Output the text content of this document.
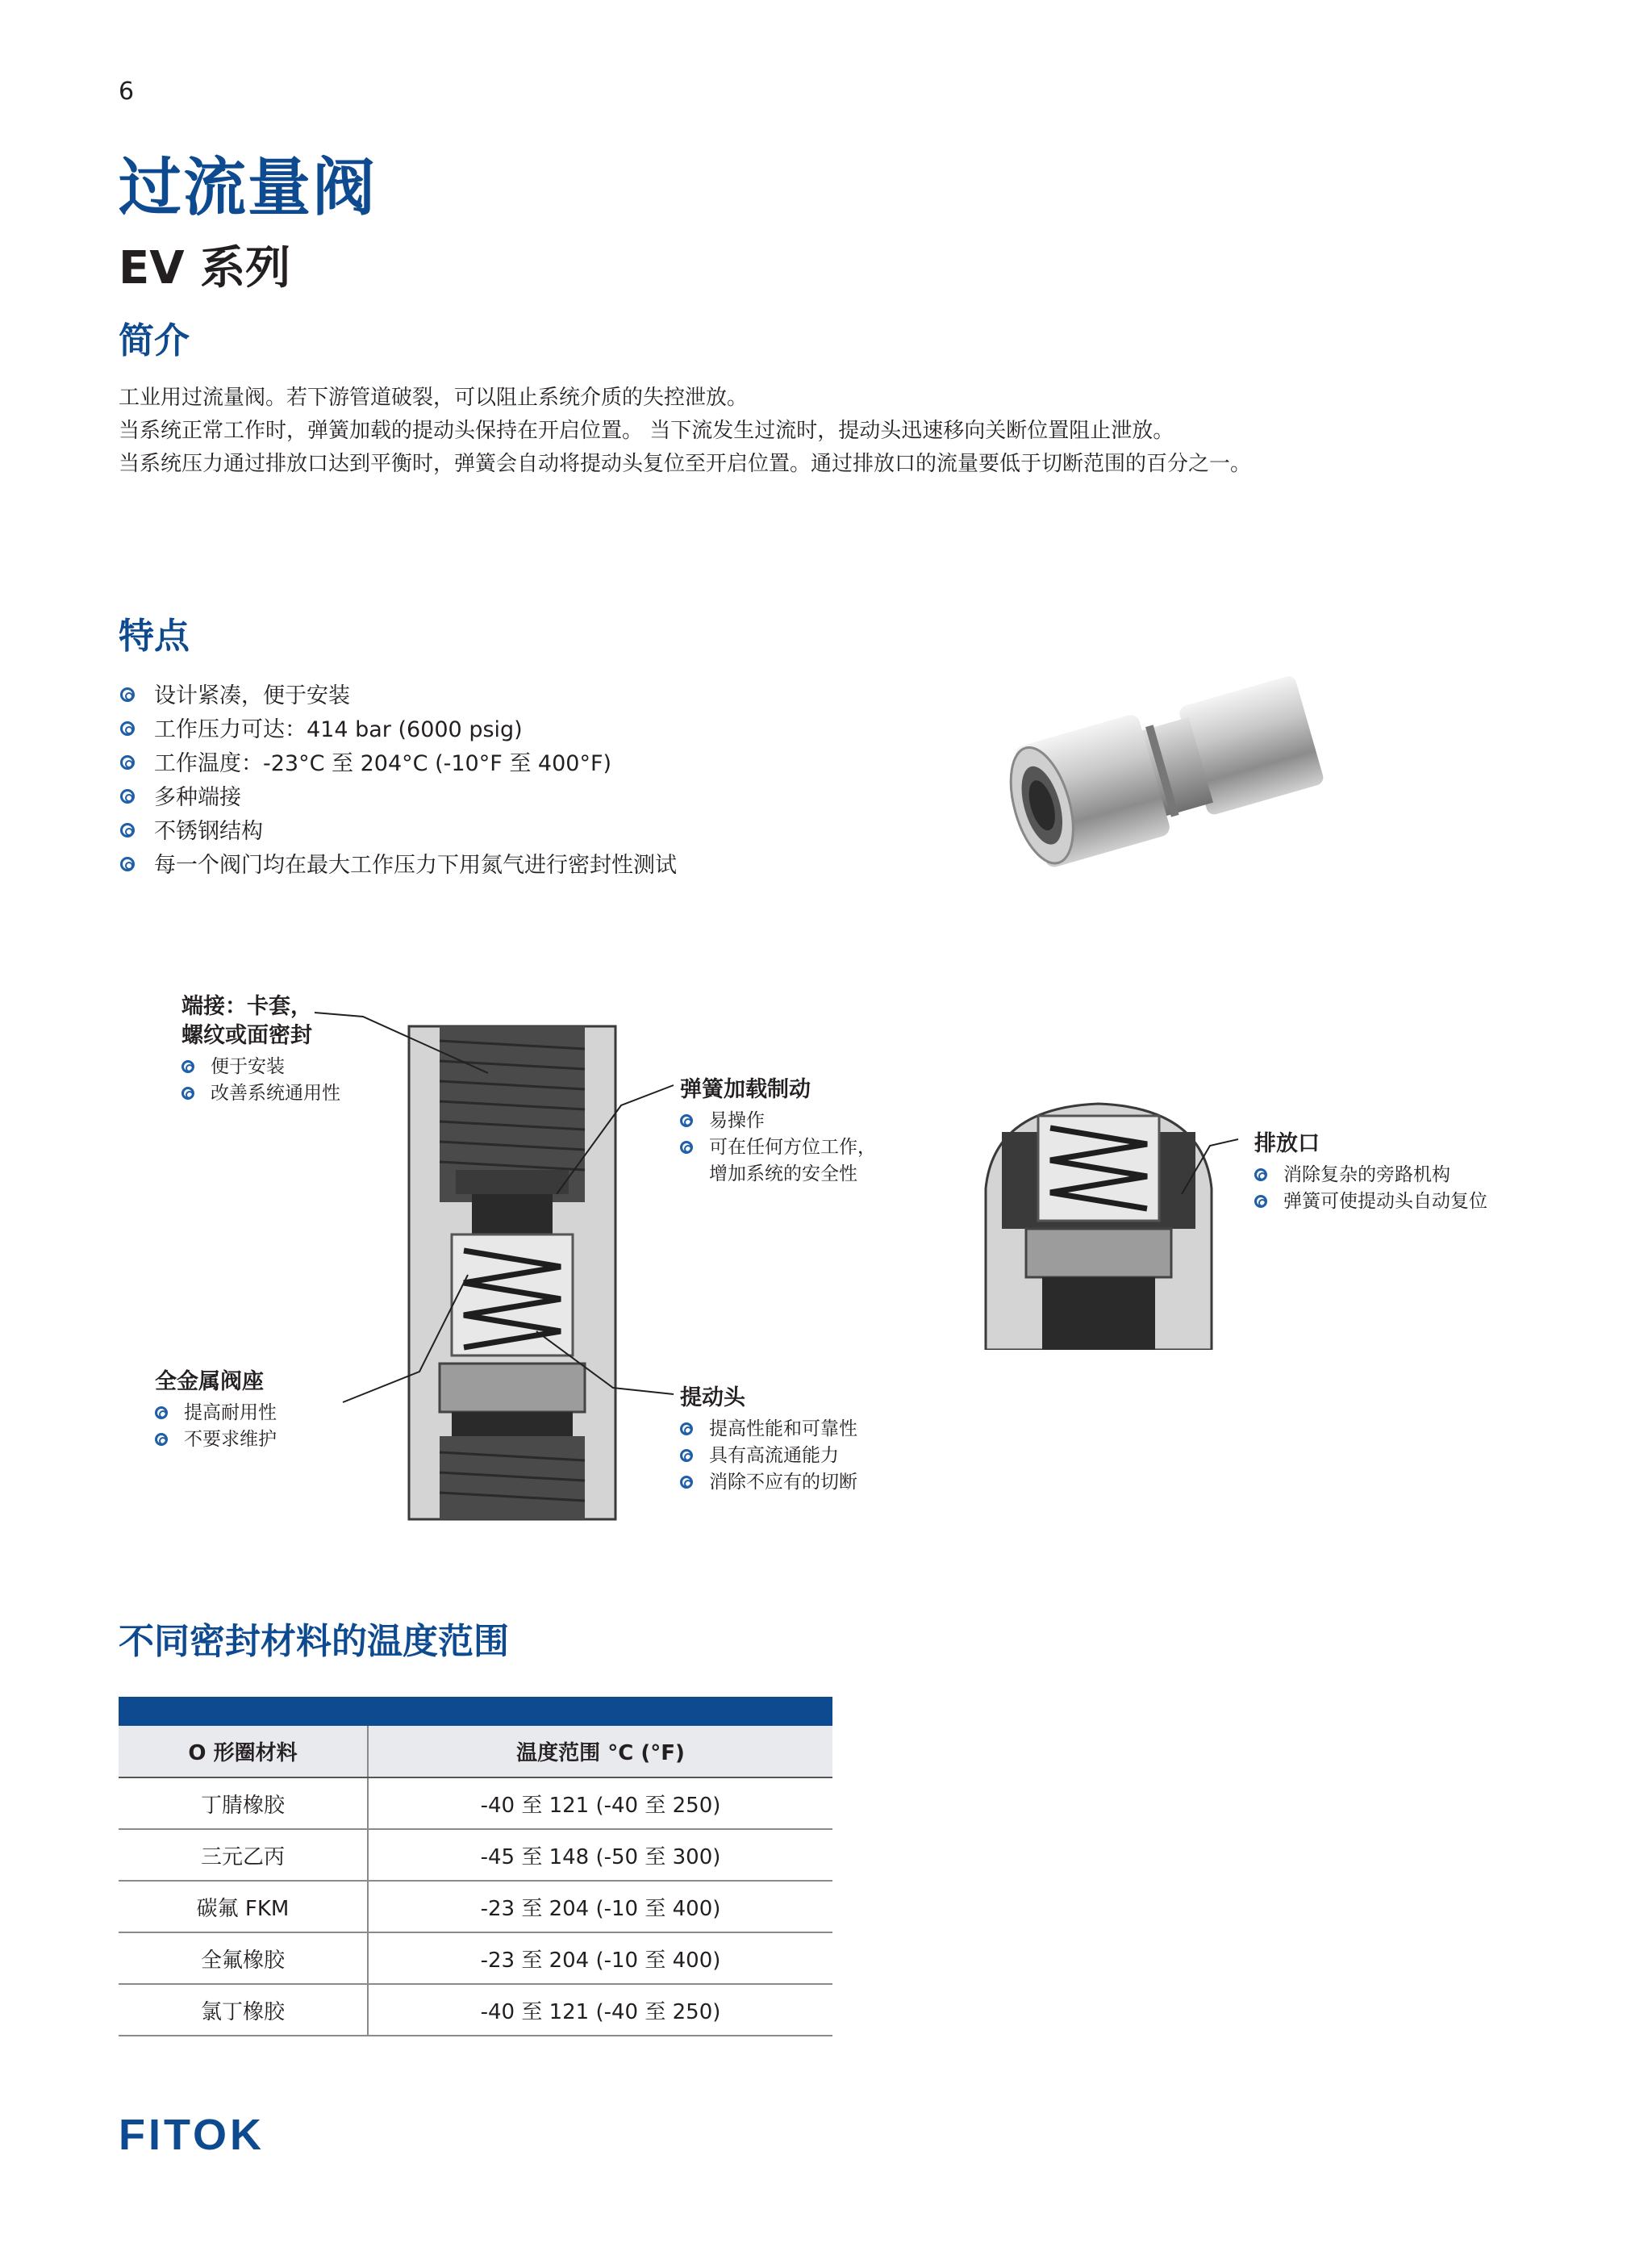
6
过流量阀
EV 系列
简介

工业用过流量阀。若下游管道破裂，可以阻止系统介质的失控泄放。

当系统正常工作时，弹簧加载的提动头保持在开启位置。 当下流发生过流时，提动头迅速移向关断位置阻止泄放。

当系统压力通过排放口达到平衡时，弹簧会自动将提动头复位至开启位置。通过排放口的流量要低于切断范围的百分之一。

特点
设计紧凑，便于安装
工作压力可达：414 bar (6000 psig)
工作温度：-23°C 至 204°C (-10°F 至 400°F)
多种端接
不锈钢结构
每一个阀门均在最大工作压力下用氮气进行密封性测试
端接：卡套，
螺纹或面密封
便于安装
改善系统通用性	弹簧加载制动
易操作
可在任何方位工作，
增加系统的安全性
全金属阀座
提高耐用性
不要求维护
提动头
提高性能和可靠性
具有高流通能力
消除不应有的切断
排放口
消除复杂的旁路机构
弹簧可使提动头自动复位
不同密封材料的温度范围
O 形圈材料	温度范围 °C (°F)
丁腈橡胶	-40 至 121 (-40 至 250)
三元乙丙	-45 至 148 (-50 至 300)
碳氟 FKM	-23 至 204 (-10 至 400)
全氟橡胶	-23 至 204 (-10 至 400)
氯丁橡胶	-40 至 121 (-40 至 250)
FITOK
